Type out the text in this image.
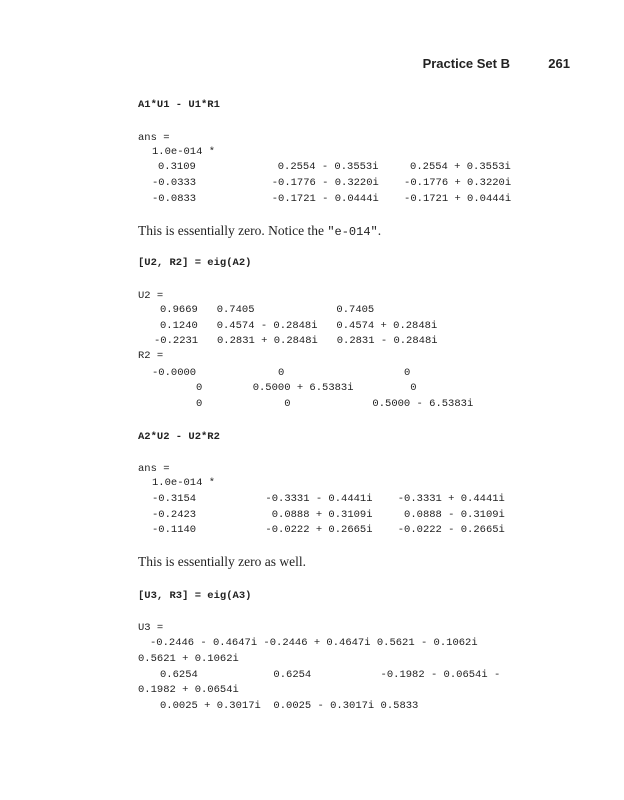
Practice Set B	261
A1*U1 - U1*R1
ans =
1.0e-014 *
0.3109             0.2554 - 0.3553i     0.2554 + 0.3553i
-0.0333            -0.1776 - 0.3220i    -0.1776 + 0.3220i
-0.0833            -0.1721 - 0.0444i    -0.1721 + 0.0444i
This is essentially zero. Notice the "e-014".
[U2, R2] = eig(A2)
U2 =
0.9669   0.7405             0.7405
0.1240   0.4574 - 0.2848i   0.4574 + 0.2848i
-0.2231   0.2831 + 0.2848i   0.2831 - 0.2848i
R2 =
-0.0000             0                   0
0        0.5000 + 6.5383i         0
0             0             0.5000 - 6.5383i
A2*U2 - U2*R2
ans =
1.0e-014 *
-0.3154           -0.3331 - 0.4441i    -0.3331 + 0.4441i
-0.2423            0.0888 + 0.3109i     0.0888 - 0.3109i
-0.1140           -0.0222 + 0.2665i    -0.0222 - 0.2665i
This is essentially zero as well.
[U3, R3] = eig(A3)
U3 =
-0.2446 - 0.4647i -0.2446 + 0.4647i 0.5621 - 0.1062i
0.5621 + 0.1062i
0.6254            0.6254           -0.1982 - 0.0654i -
0.1982 + 0.0654i
0.0025 + 0.3017i  0.0025 - 0.3017i 0.5833
